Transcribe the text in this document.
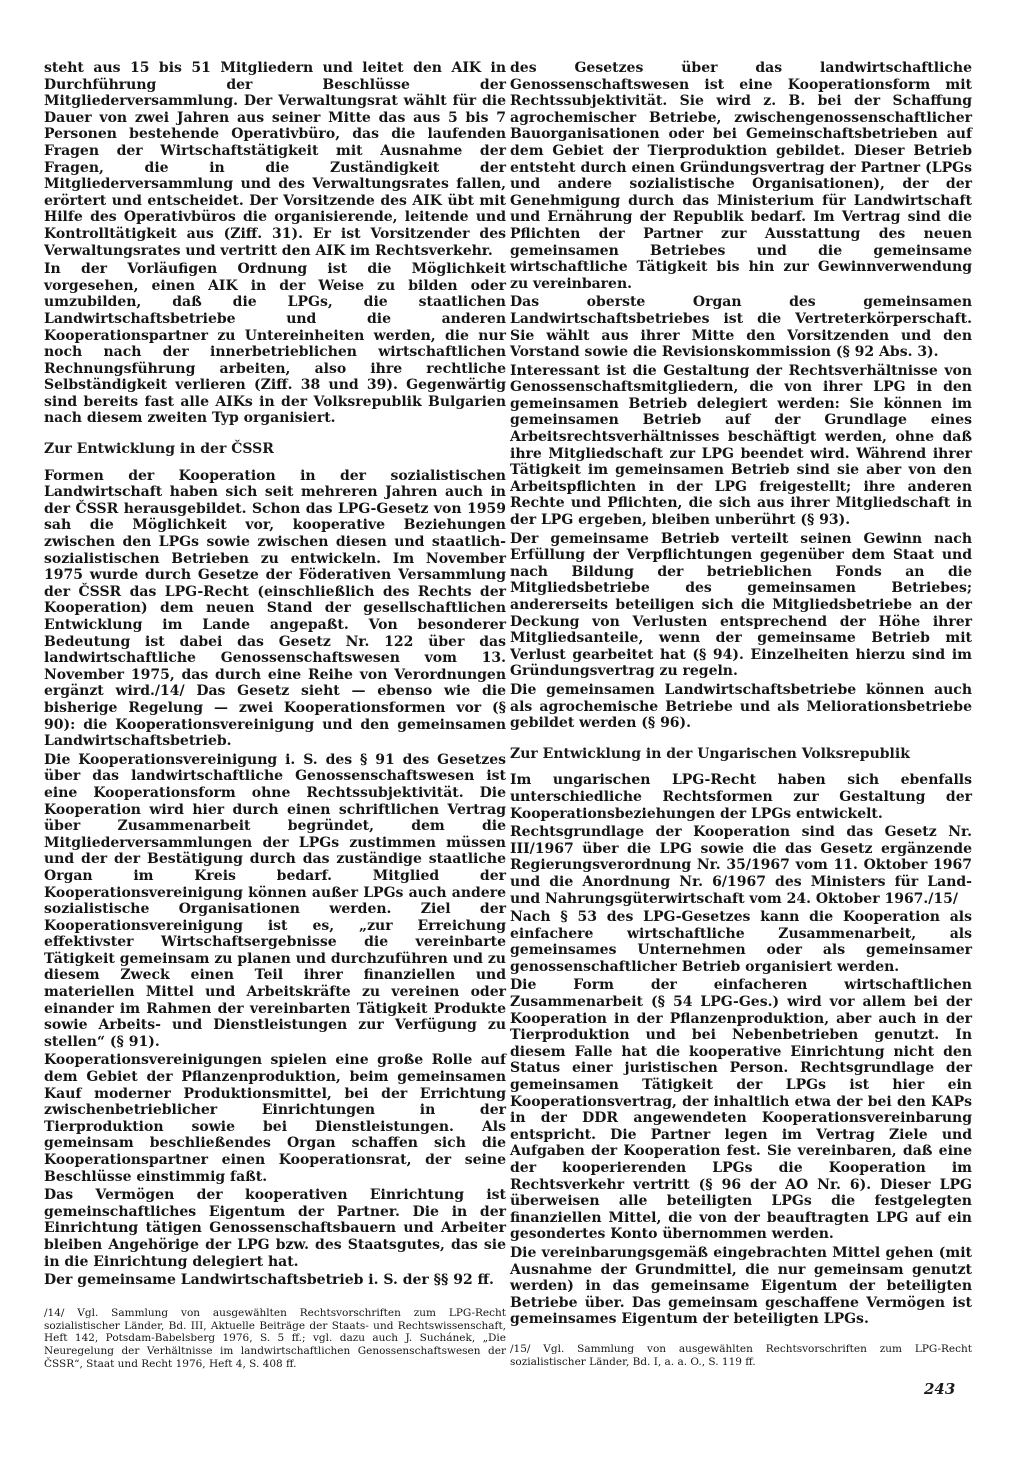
steht aus 15 bis 51 Mitgliedern und leitet den AIK in Durchführung der Beschlüsse der Mitgliederversammlung. Der Verwaltungsrat wählt für die Dauer von zwei Jahren aus seiner Mitte das aus 5 bis 7 Personen bestehende Operativbüro, das die laufenden Fragen der Wirtschaftstätigkeit mit Ausnahme der Fragen, die in die Zuständigkeit der Mitgliederversammlung und des Verwaltungsrates fallen, erörtert und entscheidet. Der Vorsitzende des AIK übt mit Hilfe des Operativbüros die organisierende, leitende und Kontrolltätigkeit aus (Ziff. 31). Er ist Vorsitzender des Verwaltungsrates und vertritt den AIK im Rechtsverkehr.

In der Vorläufigen Ordnung ist die Möglichkeit vorgesehen, einen AIK in der Weise zu bilden oder umzubilden, daß die LPGs, die staatlichen Landwirtschaftsbetriebe und die anderen Kooperationspartner zu Untereinheiten werden, die nur noch nach der innerbetrieblichen wirtschaftlichen Rechnungsführung arbeiten, also ihre rechtliche Selbständigkeit verlieren (Ziff. 38 und 39). Gegenwärtig sind bereits fast alle AIKs in der Volksrepublik Bulgarien nach diesem zweiten Typ organisiert.

Zur Entwicklung in der ČSSR

Formen der Kooperation in der sozialistischen Landwirtschaft haben sich seit mehreren Jahren auch in der ČSSR herausgebildet. Schon das LPG-Gesetz von 1959 sah die Möglichkeit vor, kooperative Beziehungen zwischen den LPGs sowie zwischen diesen und staatlich-sozialistischen Betrieben zu entwickeln. Im November 1975 wurde durch Gesetze der Föderativen Versammlung der ČSSR das LPG-Recht (einschließlich des Rechts der Kooperation) dem neuen Stand der gesellschaftlichen Entwicklung im Lande angepaßt. Von besonderer Bedeutung ist dabei das Gesetz Nr. 122 über das landwirtschaftliche Genossenschaftswesen vom 13. November 1975, das durch eine Reihe von Verordnungen ergänzt wird./14/ Das Gesetz sieht — ebenso wie die bisherige Regelung — zwei Kooperationsformen vor (§ 90): die Kooperationsvereinigung und den gemeinsamen Landwirtschaftsbetrieb.

Die Kooperationsvereinigung i. S. des § 91 des Gesetzes über das landwirtschaftliche Genossenschaftswesen ist eine Kooperationsform ohne Rechtssubjektivität. Die Kooperation wird hier durch einen schriftlichen Vertrag über Zusammenarbeit begründet, dem die Mitgliederversammlungen der LPGs zustimmen müssen und der der Bestätigung durch das zuständige staatliche Organ im Kreis bedarf. Mitglied der Kooperationsvereinigung können außer LPGs auch andere sozialistische Organisationen werden. Ziel der Kooperationsvereinigung ist es, „zur Erreichung effektivster Wirtschaftsergebnisse die vereinbarte Tätigkeit gemeinsam zu planen und durchzuführen und zu diesem Zweck einen Teil ihrer finanziellen und materiellen Mittel und Arbeitskräfte zu vereinen oder einander im Rahmen der vereinbarten Tätigkeit Produkte sowie Arbeits- und Dienstleistungen zur Verfügung zu stellen“ (§ 91).

Kooperationsvereinigungen spielen eine große Rolle auf dem Gebiet der Pflanzenproduktion, beim gemeinsamen Kauf moderner Produktionsmittel, bei der Errichtung zwischenbetrieblicher Einrichtungen in der Tierproduktion sowie bei Dienstleistungen. Als gemeinsam beschließendes Organ schaffen sich die Kooperationspartner einen Kooperationsrat, der seine Beschlüsse einstimmig faßt.

Das Vermögen der kooperativen Einrichtung ist gemeinschaftliches Eigentum der Partner. Die in der Einrichtung tätigen Genossenschaftsbauern und Arbeiter bleiben Angehörige der LPG bzw. des Staatsgutes, das sie in die Einrichtung delegiert hat.

Der gemeinsame Landwirtschaftsbetrieb i. S. der §§ 92 ff.

/14/ Vgl. Sammlung von ausgewählten Rechtsvorschriften zum LPG-Recht sozialistischer Länder, Bd. III, Aktuelle Beiträge der Staats- und Rechtswissenschaft, Heft 142, Potsdam-Babelsberg 1976, S. 5 ff.; vgl. dazu auch J. Suchánek, „Die Neuregelung der Verhältnisse im landwirtschaftlichen Genossenschaftswesen der ČSSR“, Staat und Recht 1976, Heft 4, S. 408 ff.

des Gesetzes über das landwirtschaftliche Genossenschaftswesen ist eine Kooperationsform mit Rechtssubjektivität. Sie wird z. B. bei der Schaffung agrochemischer Betriebe, zwischengenossenschaftlicher Bauorganisationen oder bei Gemeinschaftsbetrieben auf dem Gebiet der Tierproduktion gebildet. Dieser Betrieb entsteht durch einen Gründungsvertrag der Partner (LPGs und andere sozialistische Organisationen), der der Genehmigung durch das Ministerium für Landwirtschaft und Ernährung der Republik bedarf. Im Vertrag sind die Pflichten der Partner zur Ausstattung des neuen gemeinsamen Betriebes und die gemeinsame wirtschaftliche Tätigkeit bis hin zur Gewinnverwendung zu vereinbaren.

Das oberste Organ des gemeinsamen Landwirtschaftsbetriebes ist die Vertreterkörperschaft. Sie wählt aus ihrer Mitte den Vorsitzenden und den Vorstand sowie die Revisionskommission (§ 92 Abs. 3).

Interessant ist die Gestaltung der Rechtsverhältnisse von Genossenschaftsmitgliedern, die von ihrer LPG in den gemeinsamen Betrieb delegiert werden: Sie können im gemeinsamen Betrieb auf der Grundlage eines Arbeitsrechtsverhältnisses beschäftigt werden, ohne daß ihre Mitgliedschaft zur LPG beendet wird. Während ihrer Tätigkeit im gemeinsamen Betrieb sind sie aber von den Arbeitspflichten in der LPG freigestellt; ihre anderen Rechte und Pflichten, die sich aus ihrer Mitgliedschaft in der LPG ergeben, bleiben unberührt (§ 93).

Der gemeinsame Betrieb verteilt seinen Gewinn nach Erfüllung der Verpflichtungen gegenüber dem Staat und nach Bildung der betrieblichen Fonds an die Mitgliedsbetriebe des gemeinsamen Betriebes; andererseits beteiligen sich die Mitgliedsbetriebe an der Deckung von Verlusten entsprechend der Höhe ihrer Mitgliedsanteile, wenn der gemeinsame Betrieb mit Verlust gearbeitet hat (§ 94). Einzelheiten hierzu sind im Gründungsvertrag zu regeln.

Die gemeinsamen Landwirtschaftsbetriebe können auch als agrochemische Betriebe und als Meliorationsbetriebe gebildet werden (§ 96).

Zur Entwicklung in der Ungarischen Volksrepublik

Im ungarischen LPG-Recht haben sich ebenfalls unterschiedliche Rechtsformen zur Gestaltung der Kooperationsbeziehungen der LPGs entwickelt.

Rechtsgrundlage der Kooperation sind das Gesetz Nr. III/1967 über die LPG sowie die das Gesetz ergänzende Regierungsverordnung Nr. 35/1967 vom 11. Oktober 1967 und die Anordnung Nr. 6/1967 des Ministers für Land- und Nahrungsgüterwirtschaft vom 24. Oktober 1967./15/

Nach § 53 des LPG-Gesetzes kann die Kooperation als einfachere wirtschaftliche Zusammenarbeit, als gemeinsames Unternehmen oder als gemeinsamer genossenschaftlicher Betrieb organisiert werden.

Die Form der einfacheren wirtschaftlichen Zusammenarbeit (§ 54 LPG-Ges.) wird vor allem bei der Kooperation in der Pflanzenproduktion, aber auch in der Tierproduktion und bei Nebenbetrieben genutzt. In diesem Falle hat die kooperative Einrichtung nicht den Status einer juristischen Person. Rechtsgrundlage der gemeinsamen Tätigkeit der LPGs ist hier ein Kooperationsvertrag, der inhaltlich etwa der bei den KAPs in der DDR angewendeten Kooperationsvereinbarung entspricht. Die Partner legen im Vertrag Ziele und Aufgaben der Kooperation fest. Sie vereinbaren, daß eine der kooperierenden LPGs die Kooperation im Rechtsverkehr vertritt (§ 96 der AO Nr. 6). Dieser LPG überweisen alle beteiligten LPGs die festgelegten finanziellen Mittel, die von der beauftragten LPG auf ein gesondertes Konto übernommen werden.

Die vereinbarungsgemäß eingebrachten Mittel gehen (mit Ausnahme der Grundmittel, die nur gemeinsam genutzt werden) in das gemeinsame Eigentum der beteiligten Betriebe über. Das gemeinsam geschaffene Vermögen ist gemeinsames Eigentum der beteiligten LPGs.

/15/ Vgl. Sammlung von ausgewählten Rechtsvorschriften zum LPG-Recht sozialistischer Länder, Bd. I, a. a. O., S. 119 ff.

243
